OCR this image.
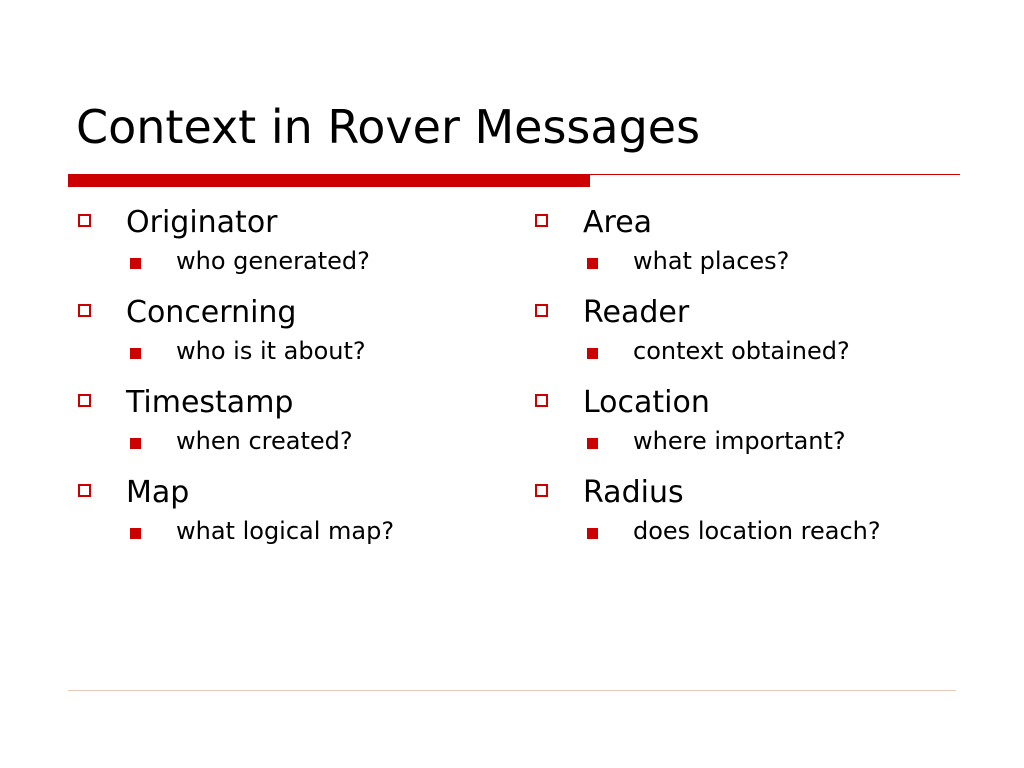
Context in Rover Messages
Originator
who generated?
Concerning
who is it about?
Timestamp
when created?
Map
what logical map?
Area
what places?
Reader
context obtained?
Location
where important?
Radius
does location reach?
